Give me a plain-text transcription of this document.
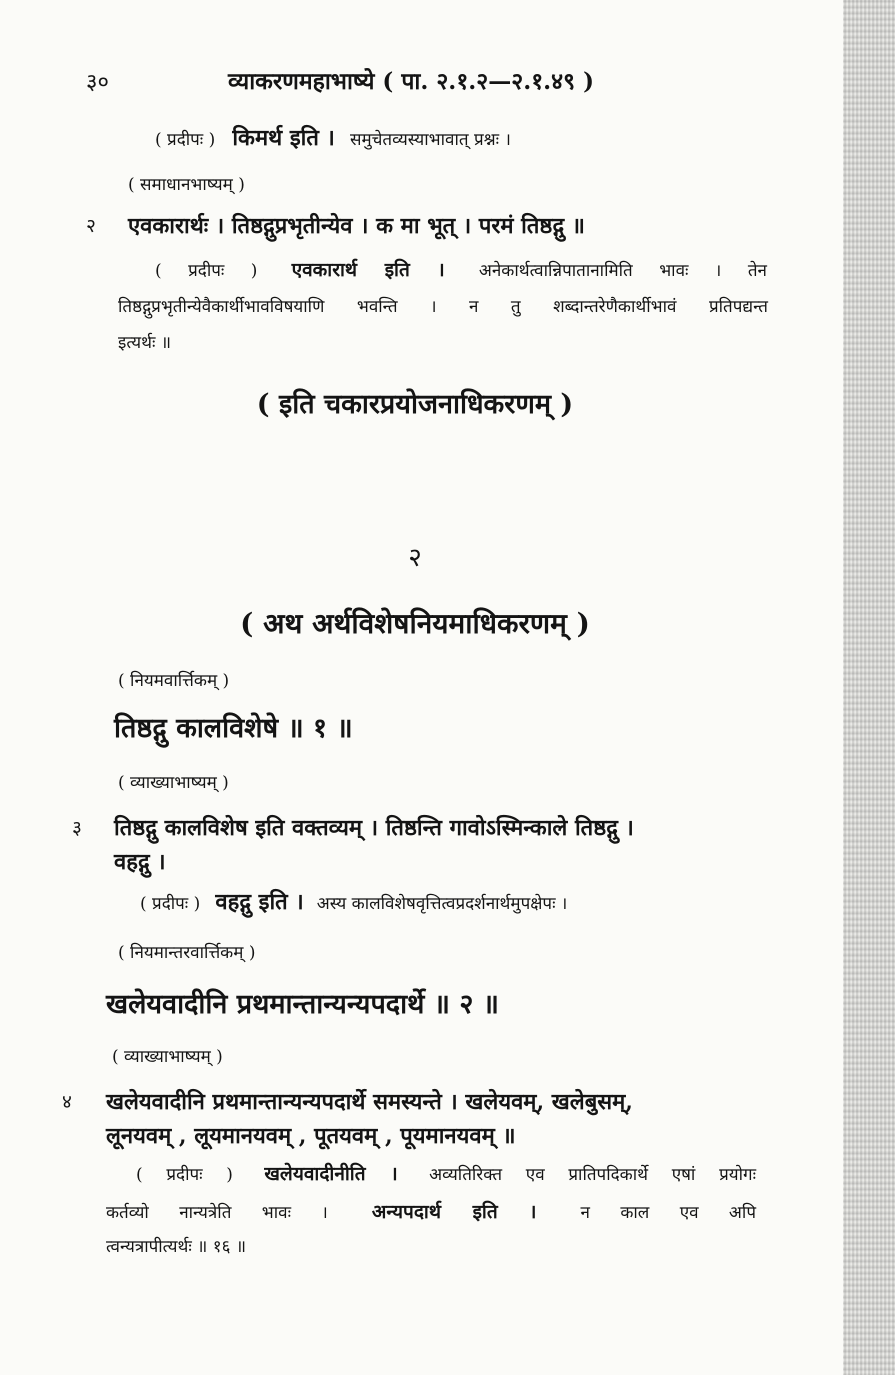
३०	व्याकरणमहाभाष्ये ( पा. २.१.२—२.१.४९ )
( प्रदीपः ) किमर्थ इति । समुचेतव्यस्याभावात् प्रश्नः ।
( समाधानभाष्यम् )
२ एवकारार्थः । तिष्ठद्गुप्रभृतीन्येव । क मा भूत् । परमं तिष्ठद्गु ॥
( प्रदीपः ) एवकारार्थ इति । अनेकार्थत्वान्निपातानामिति भावः । तेन
तिष्ठद्गुप्रभृतीन्येवैकार्थीभावविषयाणि भवन्ति । न तु शब्दान्तरेणैकार्थीभावं प्रतिपद्यन्त
इत्यर्थः ॥
( इति चकारप्रयोजनाधिकरणम् )
२
( अथ अर्थविशेषनियमाधिकरणम् )
( नियमवार्त्तिकम् )
तिष्ठद्गु कालविशेषे ॥ १ ॥
( व्याख्याभाष्यम् )
३ तिष्ठद्गु कालविशेष इति वक्तव्यम् । तिष्ठन्ति गावोऽस्मिन्काले तिष्ठद्गु ।
वहद्गु ।
( प्रदीपः ) वहद्गु इति । अस्य कालविशेषवृत्तित्वप्रदर्शनार्थमुपक्षेपः ।
( नियमान्तरवार्त्तिकम् )
खलेयवादीनि प्रथमान्तान्यन्यपदार्थे ॥ २ ॥
( व्याख्याभाष्यम् )
४ खलेयवादीनि प्रथमान्तान्यन्यपदार्थे समस्यन्ते । खलेयवम्, खलेबुसम्,
लूनयवम् , लूयमानयवम् , पूतयवम् , पूयमानयवम् ॥
( प्रदीपः ) खलेयवादीनीति । अव्यतिरिक्त एव प्रातिपदिकार्थे एषां प्रयोगः
कर्तव्यो नान्यत्रेति भावः । अन्यपदार्थ इति ।	न काल एव अपि
त्वन्यत्रापीत्यर्थः ॥ १६ ॥
